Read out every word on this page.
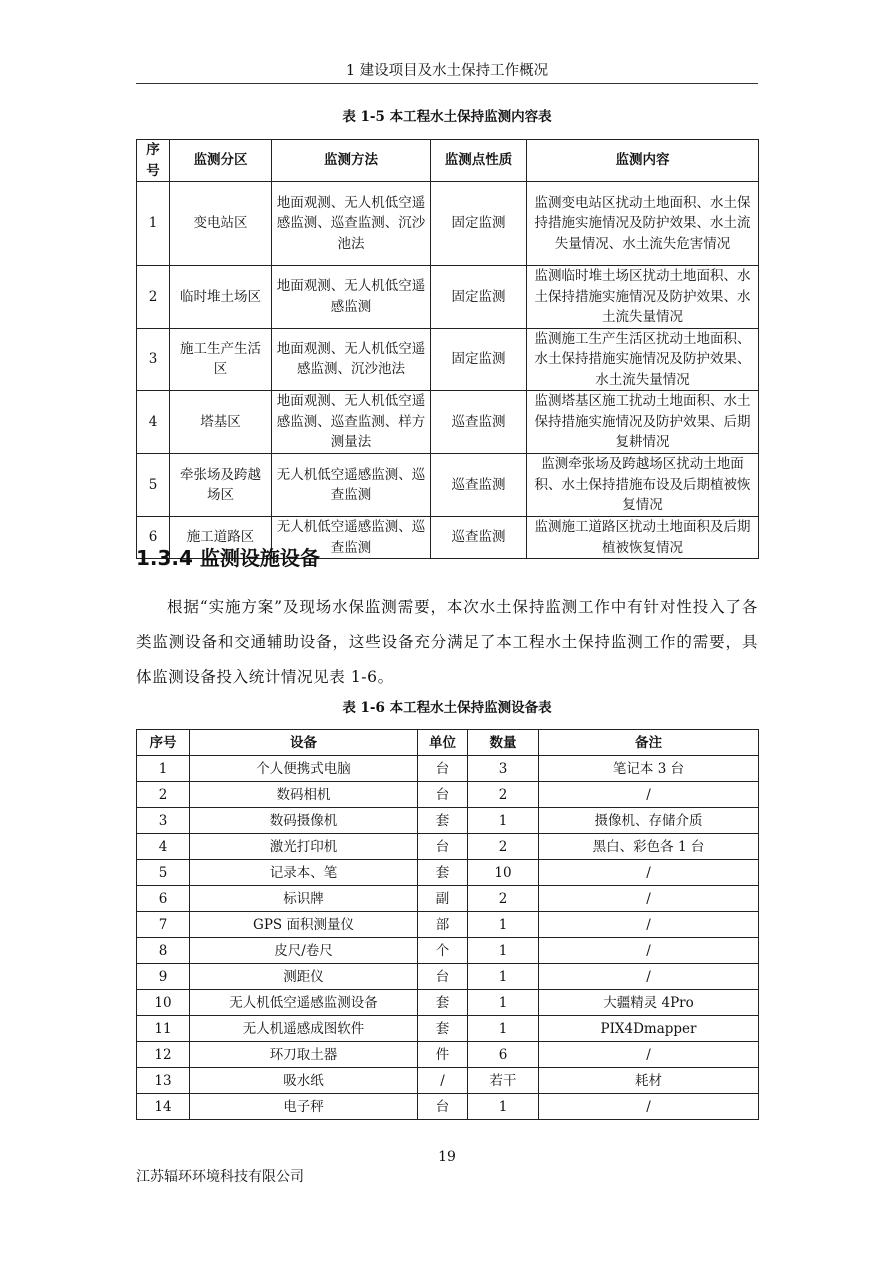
1 建设项目及水土保持工作概况
表 1-5 本工程水土保持监测内容表
序号	监测分区	监测方法	监测点性质	监测内容
1	变电站区	地面观测、无人机低空遥感监测、巡查监测、沉沙池法	固定监测	监测变电站区扰动土地面积、水土保持措施实施情况及防护效果、水土流失量情况、水土流失危害情况
2	临时堆土场区	地面观测、无人机低空遥感监测	固定监测	监测临时堆土场区扰动土地面积、水土保持措施实施情况及防护效果、水土流失量情况
3	施工生产生活区	地面观测、无人机低空遥感监测、沉沙池法	固定监测	监测施工生产生活区扰动土地面积、水土保持措施实施情况及防护效果、水土流失量情况
4	塔基区	地面观测、无人机低空遥感监测、巡查监测、样方测量法	巡查监测	监测塔基区施工扰动土地面积、水土保持措施实施情况及防护效果、后期复耕情况
5	牵张场及跨越场区	无人机低空遥感监测、巡查监测	巡查监测	监测牵张场及跨越场区扰动土地面积、水土保持措施布设及后期植被恢复情况
6	施工道路区	无人机低空遥感监测、巡查监测	巡查监测	监测施工道路区扰动土地面积及后期植被恢复情况
1.3.4 监测设施设备
根据“实施方案”及现场水保监测需要，本次水土保持监测工作中有针对性投入了各类监测设备和交通辅助设备，这些设备充分满足了本工程水土保持监测工作的需要，具体监测设备投入统计情况见表 1-6。
表 1-6 本工程水土保持监测设备表
序号	设备	单位	数量	备注
1	个人便携式电脑	台	3	笔记本 3 台
2	数码相机	台	2	/
3	数码摄像机	套	1	摄像机、存储介质
4	激光打印机	台	2	黑白、彩色各 1 台
5	记录本、笔	套	10	/
6	标识牌	副	2	/
7	GPS 面积测量仪	部	1	/
8	皮尺/卷尺	个	1	/
9	测距仪	台	1	/
10	无人机低空遥感监测设备	套	1	大疆精灵 4Pro
11	无人机遥感成图软件	套	1	PIX4Dmapper
12	环刀取土器	件	6	/
13	吸水纸	/	若干	耗材
14	电子秤	台	1	/
19
江苏辐环环境科技有限公司
